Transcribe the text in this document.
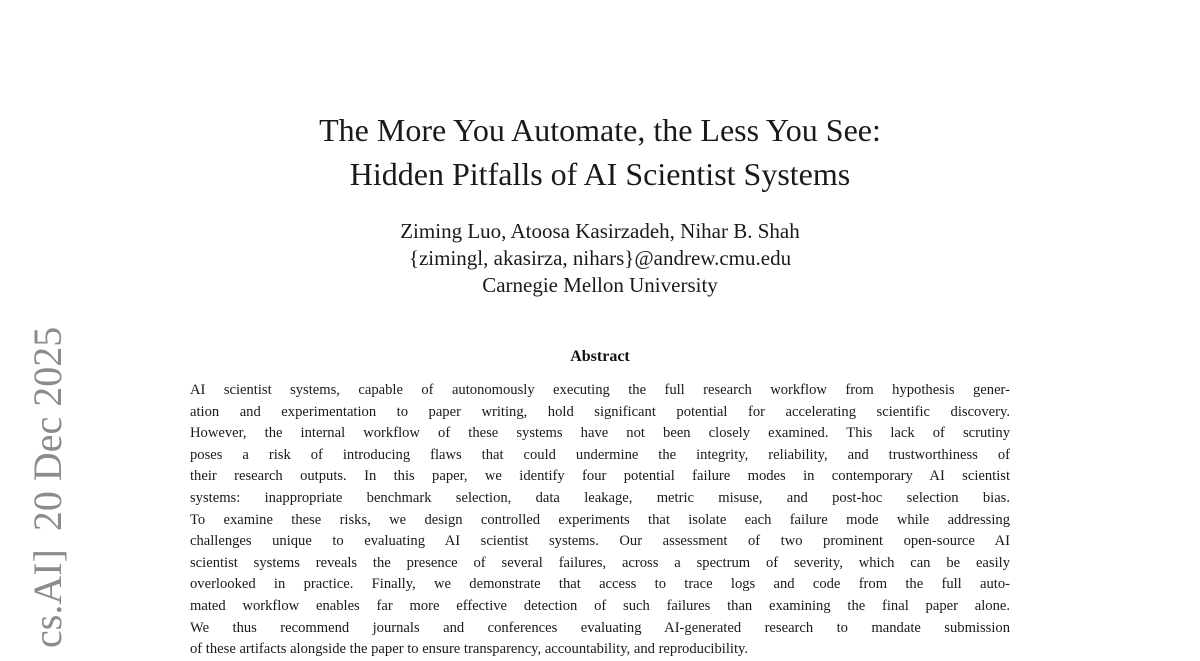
The More You Automate, the Less You See:
Hidden Pitfalls of AI Scientist Systems
Ziming Luo, Atoosa Kasirzadeh, Nihar B. Shah
{zimingl, akasirza, nihars}@andrew.cmu.edu
Carnegie Mellon University
Abstract
AI scientist systems, capable of autonomously executing the full research workflow from hypothesis gener-
ation and experimentation to paper writing, hold significant potential for accelerating scientific discovery.
However, the internal workflow of these systems have not been closely examined. This lack of scrutiny
poses a risk of introducing flaws that could undermine the integrity, reliability, and trustworthiness of
their research outputs. In this paper, we identify four potential failure modes in contemporary AI scientist
systems: inappropriate benchmark selection, data leakage, metric misuse, and post-hoc selection bias.
To examine these risks, we design controlled experiments that isolate each failure mode while addressing
challenges unique to evaluating AI scientist systems. Our assessment of two prominent open-source AI
scientist systems reveals the presence of several failures, across a spectrum of severity, which can be easily
overlooked in practice. Finally, we demonstrate that access to trace logs and code from the full auto-
mated workflow enables far more effective detection of such failures than examining the final paper alone.
We thus recommend journals and conferences evaluating AI-generated research to mandate submission
of these artifacts alongside the paper to ensure transparency, accountability, and reproducibility.
cs.AI]20 Dec 2025
